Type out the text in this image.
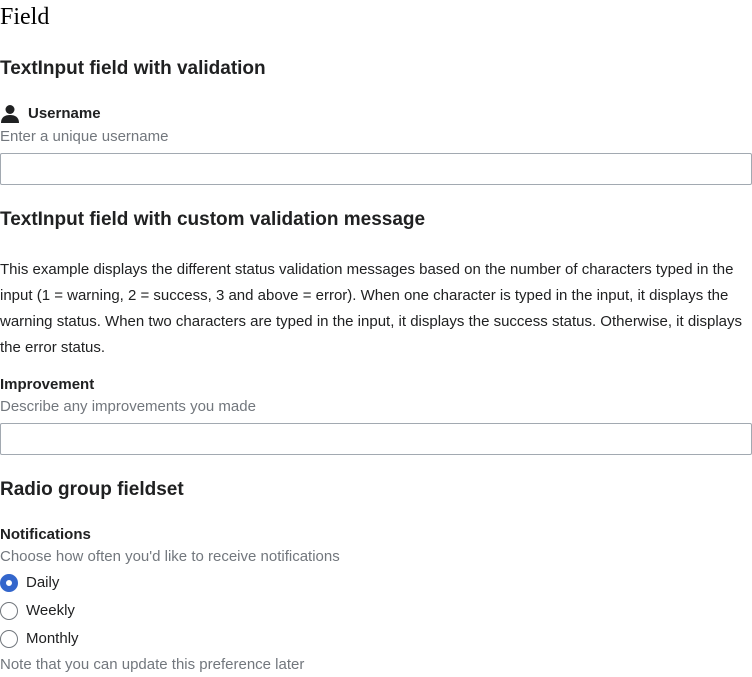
Field
TextInput field with validation
Username
Enter a unique username
TextInput field with custom validation message

This example displays the different status validation messages based on the number of characters typed in the input (1 = warning, 2 = success, 3 and above = error). When one character is typed in the input, it displays the warning status. When two characters are typed in the input, it displays the success status. Otherwise, it displays the error status.

Improvement
Describe any improvements you made
Radio group fieldset
Notifications
Choose how often you'd like to receive notifications
Daily
Weekly
Monthly
Note that you can update this preference later
